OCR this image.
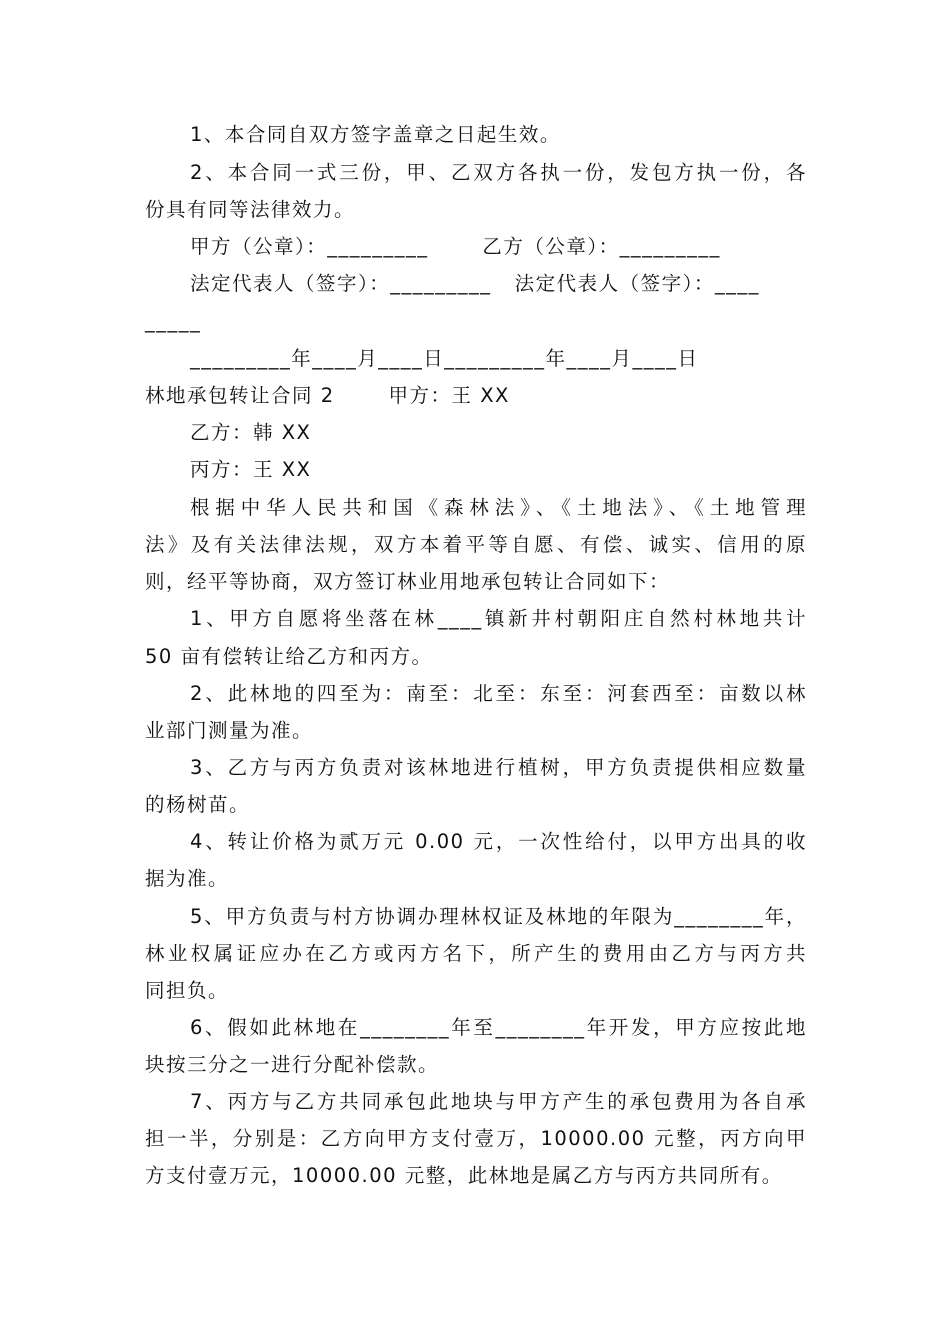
1、本合同自双方签字盖章之日起生效。
2、本合同一式三份，甲、乙双方各执一份，发包方执一份，各
份具有同等法律效力。
甲方（公章）：_________       乙方（公章）：_________
法定代表人（签字）：_________   法定代表人（签字）：____
_____
_________年____月____日_________年____月____日
林地承包转让合同 2       甲方：王 XX
乙方：韩 XX
丙方：王 XX
根据中华人民共和国《森林法》、《土地法》、《土地管理
法》及有关法律法规，双方本着平等自愿、有偿、诚实、信用的原
则，经平等协商，双方签订林业用地承包转让合同如下：
1、甲方自愿将坐落在林____镇新井村朝阳庄自然村林地共计
50 亩有偿转让给乙方和丙方。
2、此林地的四至为：南至：北至：东至：河套西至：亩数以林
业部门测量为准。
3、乙方与丙方负责对该林地进行植树，甲方负责提供相应数量
的杨树苗。
4、转让价格为贰万元 0.00 元，一次性给付，以甲方出具的收
据为准。
5、甲方负责与村方协调办理林权证及林地的年限为________年，
林业权属证应办在乙方或丙方名下，所产生的费用由乙方与丙方共
同担负。
6、假如此林地在________年至________年开发，甲方应按此地
块按三分之一进行分配补偿款。
7、丙方与乙方共同承包此地块与甲方产生的承包费用为各自承
担一半，分别是：乙方向甲方支付壹万，10000.00 元整，丙方向甲
方支付壹万元，10000.00 元整，此林地是属乙方与丙方共同所有。
